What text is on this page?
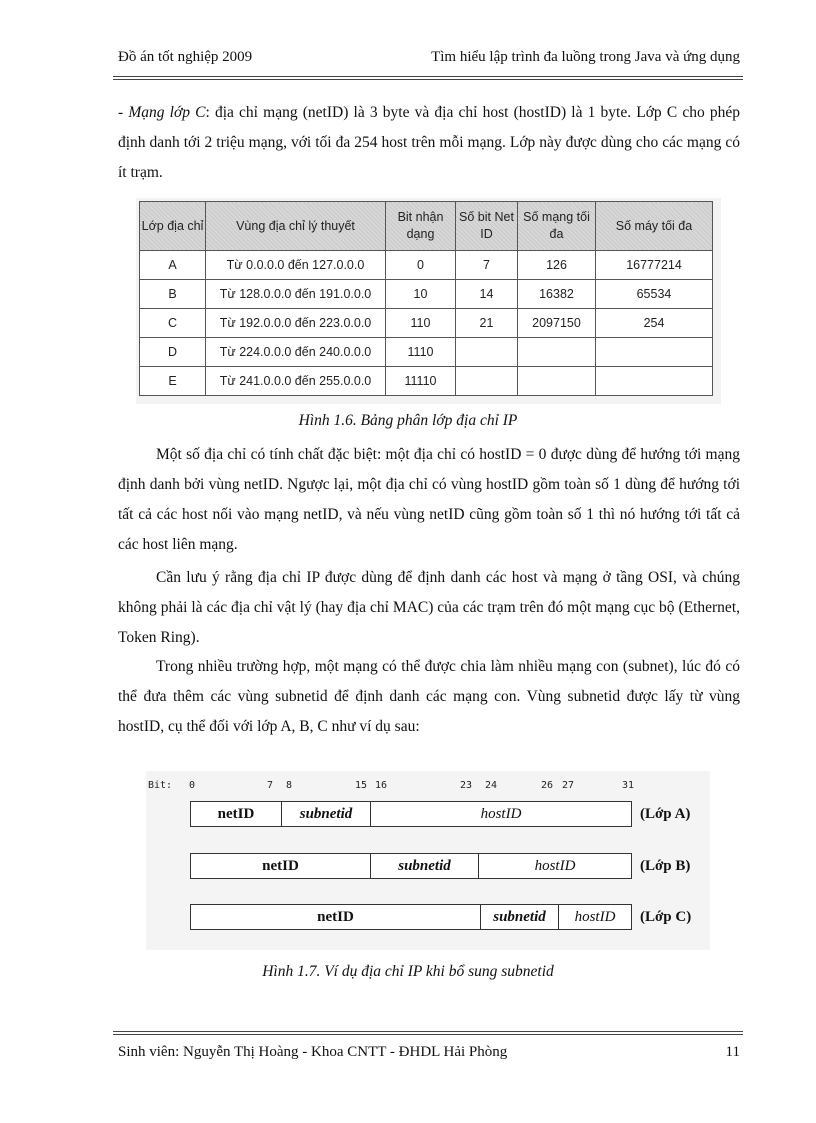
Đồ án tốt nghiệp 2009	Tìm hiểu lập trình đa luồng trong Java và ứng dụng
- Mạng lớp C: địa chỉ mạng (netID) là 3 byte và địa chỉ host (hostID) là 1 byte. Lớp C cho phép định danh tới 2 triệu mạng, với tối đa 254 host trên mỗi mạng. Lớp này được dùng cho các mạng có ít trạm.
Lớp địa chỉ	Vùng địa chỉ lý thuyết	Bit nhận dạng	Số bit Net ID	Số mạng tối đa	Số máy tối đa
A	Từ 0.0.0.0 đến 127.0.0.0	0	7	126	16777214
B	Từ 128.0.0.0 đến 191.0.0.0	10	14	16382	65534
C	Từ 192.0.0.0 đến 223.0.0.0	110	21	2097150	254
D	Từ 224.0.0.0 đến 240.0.0.0	1110			
E	Từ 241.0.0.0 đến 255.0.0.0	11110			
Hình 1.6. Bảng phân lớp địa chỉ IP
Một số địa chỉ có tính chất đặc biệt: một địa chỉ có hostID = 0 được dùng để hướng tới mạng định danh bởi vùng netID. Ngược lại, một địa chỉ có vùng hostID gồm toàn số 1 dùng để hướng tới tất cả các host nối vào mạng netID, và nếu vùng netID cũng gồm toàn số 1 thì nó hướng tới tất cả các host liên mạng.
Cần lưu ý rằng địa chỉ IP được dùng để định danh các host và mạng ở tầng OSI, và chúng không phải là các địa chỉ vật lý (hay địa chỉ MAC) của các trạm trên đó một mạng cục bộ (Ethernet, Token Ring).
Trong nhiều trường hợp, một mạng có thể được chia làm nhiều mạng con (subnet), lúc đó có thể đưa thêm các vùng subnetid để định danh các mạng con. Vùng subnetid được lấy từ vùng hostID, cụ thể đối với lớp A, B, C như ví dụ sau:
Bit: 0	7 8	15 16	23 24	26 27	31
netID	subnetid	hostID	(Lớp A)
netID	subnetid	hostID	(Lớp B)
netID	subnetid	hostID	(Lớp C)
Hình 1.7. Ví dụ địa chỉ IP khi bổ sung subnetid
Sinh viên: Nguyễn Thị Hoàng - Khoa CNTT - ĐHDL Hải Phòng	11
